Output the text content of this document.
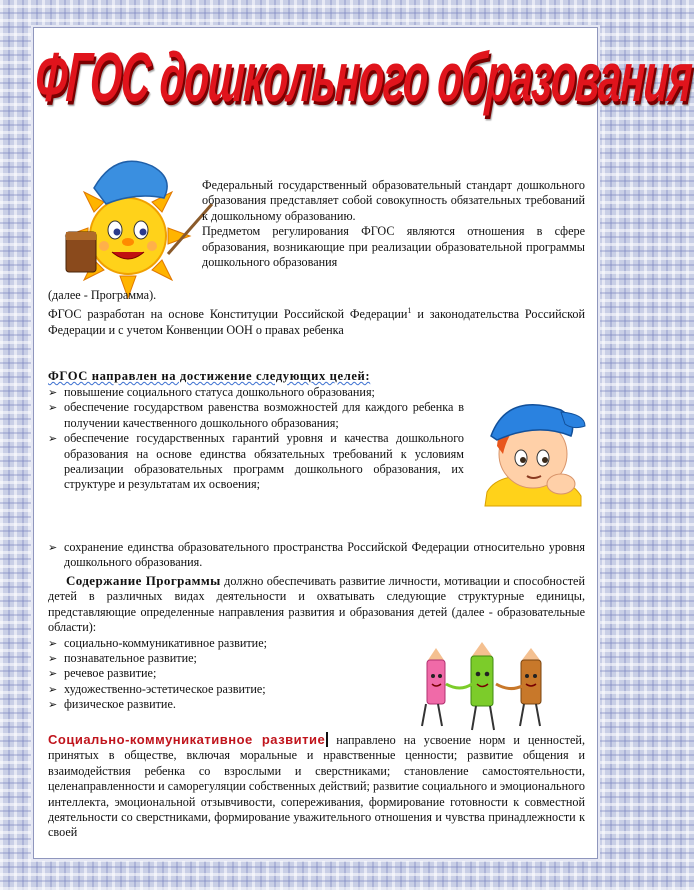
ФГОС дошкольного образования

Федеральный государственный образовательный стандарт дошкольного образования представляет собой совокупность обязательных требований к дошкольному образованию.

Предметом регулирования ФГОС являются отношения в сфере образования, возникающие при реализации образовательной программы дошкольного образования

(далее - Программа).

ФГОС разработан на основе Конституции Российской Федерации$^1$ и законодательства Российской Федерации и с учетом Конвенции ООН о правах ребенка

ФГОС направлен на достижение следующих целей:
➢ повышение социального статуса дошкольного образования;
➢ обеспечение государством равенства возможностей для каждого ребенка в получении качественного дошкольного образования;
➢ обеспечение государственных гарантий уровня и качества дошкольного образования на основе единства обязательных требований к условиям реализации образовательных программ дошкольного образования, их структуре и результатам их освоения;
➢ сохранение единства образовательного пространства Российской Федерации относительно уровня дошкольного образования.

Содержание Программы должно обеспечивать развитие личности, мотивации и способностей детей в различных видах деятельности и охватывать следующие структурные единицы, представляющие определенные направления развития и образования детей (далее - образовательные области):

➢ социально-коммуникативное развитие;
➢ познавательное развитие;
➢ речевое развитие;
➢ художественно-эстетическое развитие;
➢ физическое развитие.

Социально-коммуникативное развитие направлено на усвоение норм и ценностей, принятых в обществе, включая моральные и нравственные ценности; развитие общения и взаимодействия ребенка со взрослыми и сверстниками; становление самостоятельности, целенаправленности и саморегуляции собственных действий; развитие социального и эмоционального интеллекта, эмоциональной отзывчивости, сопереживания, формирование готовности к совместной деятельности со сверстниками, формирование уважительного отношения и чувства принадлежности к своей
